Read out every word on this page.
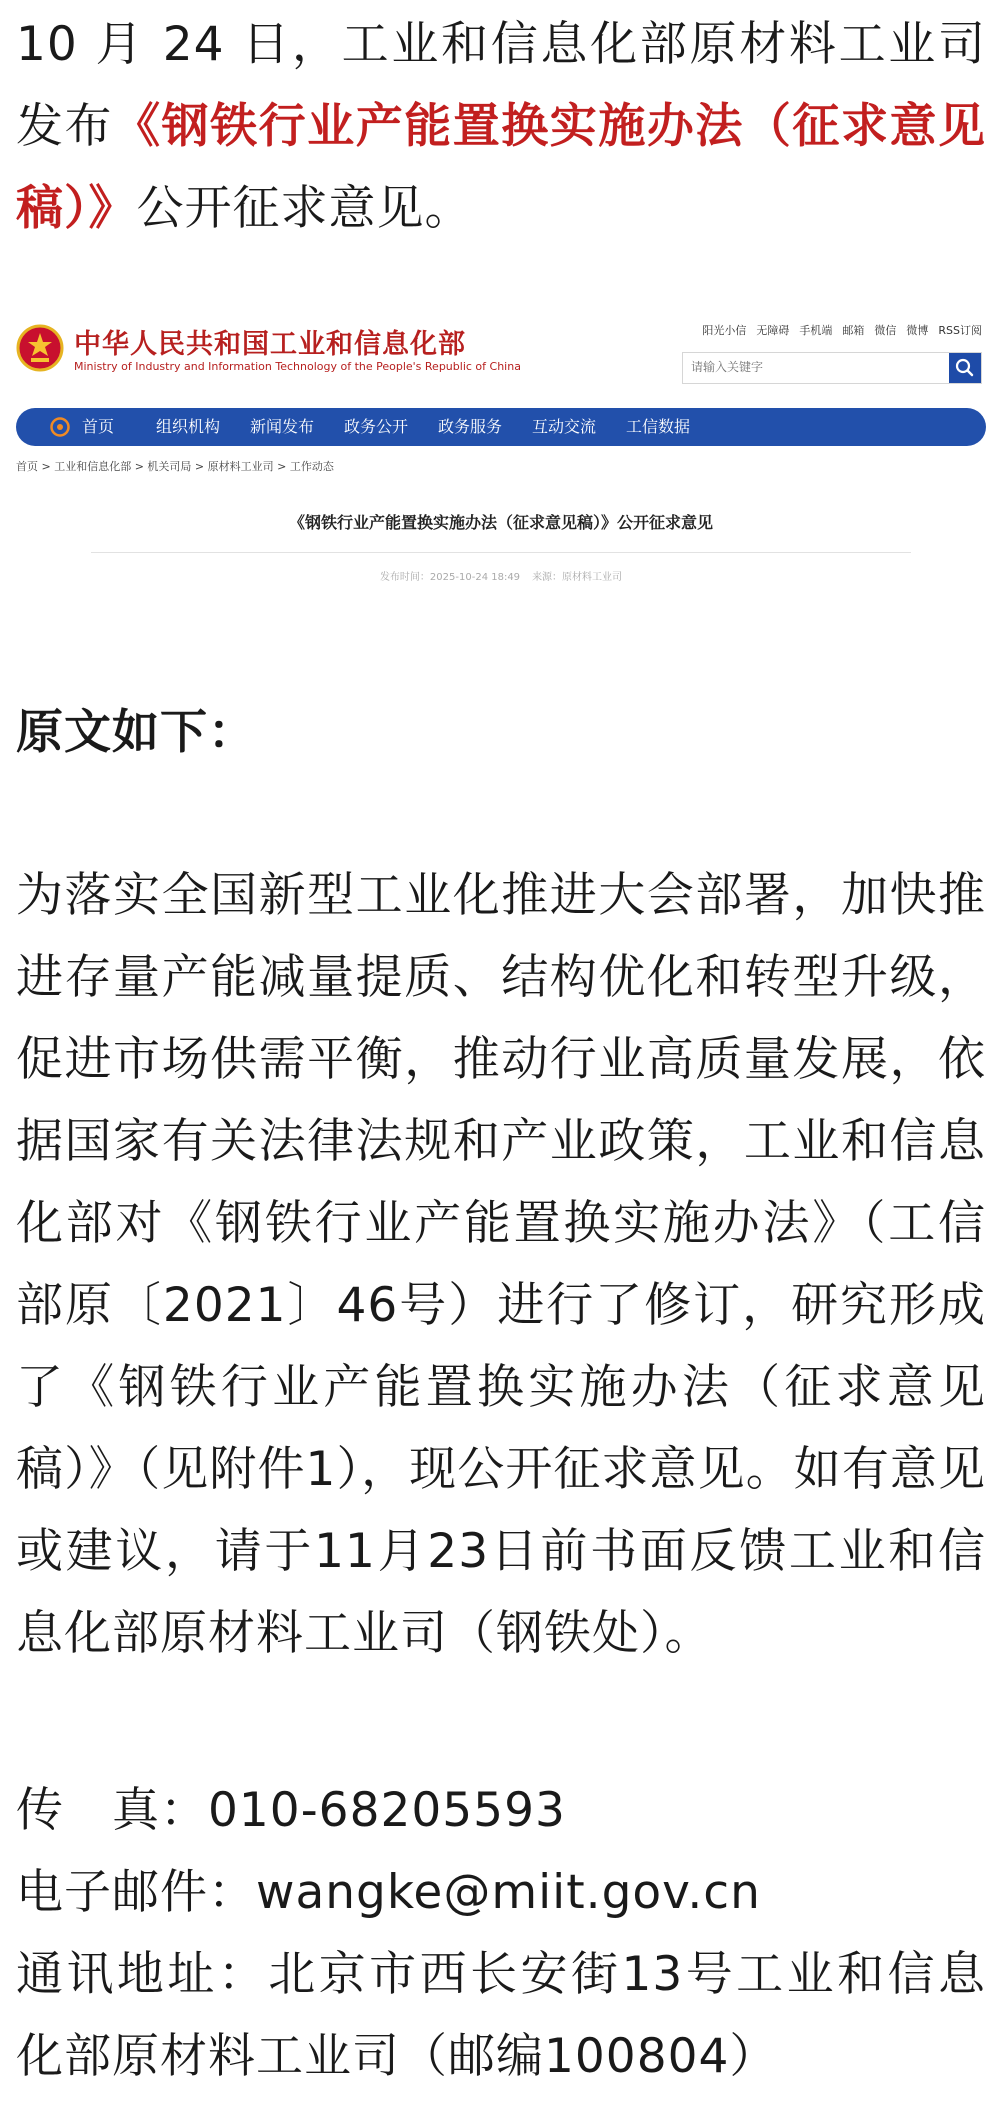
10 月 24 日，工业和信息化部原材料工业司发布《钢铁行业产能置换实施办法（征求意见稿）》公开征求意见。

中华人民共和国工业和信息化部
Ministry of Industry and Information Technology of the People's Republic of China
阳光小信 无障碍 手机端 邮箱 微信 微博 RSS订阅
请输入关键字
首页	组织机构 新闻发布 政务公开 政务服务 互动交流 工信数据
首页 > 工业和信息化部 > 机关司局 > 原材料工业司 > 工作动态
《钢铁行业产能置换实施办法（征求意见稿）》公开征求意见
发布时间：2025-10-24 18:49 来源：原材料工业司

原文如下：

为落实全国新型工业化推进大会部署，加快推进存量产能减量提质、结构优化和转型升级，促进市场供需平衡，推动行业高质量发展，依据国家有关法律法规和产业政策，工业和信息化部对《钢铁行业产能置换实施办法》（工信部原〔2021〕46号）进行了修订，研究形成了《钢铁行业产能置换实施办法（征求意见稿）》（见附件1），现公开征求意见。如有意见或建议，请于11月23日前书面反馈工业和信息化部原材料工业司（钢铁处）。

传　真：010-68205593

电子邮件：wangke@miit.gov.cn

通讯地址：北京市西长安街13号工业和信息化部原材料工业司（邮编100804）
